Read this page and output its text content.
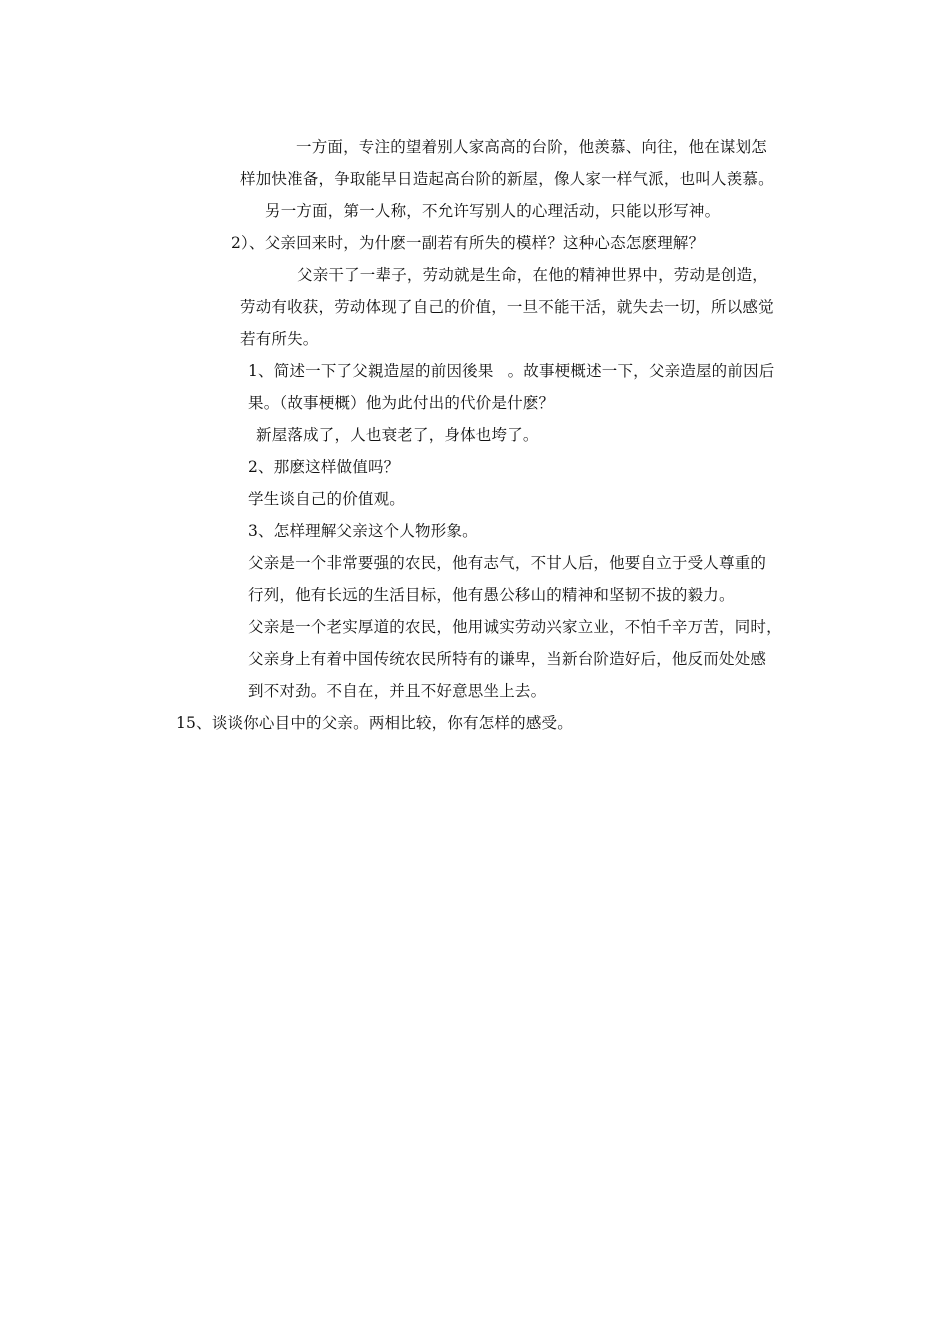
一方面，专注的望着别人家高高的台阶，他羡慕、向往，他在谋划怎
样加快准备，争取能早日造起高台阶的新屋，像人家一样气派，也叫人羡慕。
另一方面，第一人称，不允许写别人的心理活动，只能以形写神。
2）、父亲回来时，为什麽一副若有所失的模样？这种心态怎麽理解？
父亲干了一辈子，劳动就是生命，在他的精神世界中，劳动是创造，
劳动有收获，劳动体现了自己的价值，一旦不能干活，就失去一切，所以感觉
若有所失。
1、简述一下了父親造屋的前因後果 。故事梗概述一下，父亲造屋的前因后
果。（故事梗概）他为此付出的代价是什麽？
新屋落成了，人也衰老了，身体也垮了。
2、那麽这样做值吗？
学生谈自己的价值观。
3、怎样理解父亲这个人物形象。
父亲是一个非常要强的农民，他有志气，不甘人后，他要自立于受人尊重的
行列，他有长远的生活目标，他有愚公移山的精神和坚韧不拔的毅力。
父亲是一个老实厚道的农民，他用诚实劳动兴家立业，不怕千辛万苦，同时，
父亲身上有着中国传统农民所特有的谦卑，当新台阶造好后，他反而处处感
到不对劲。不自在，并且不好意思坐上去。
15、谈谈你心目中的父亲。两相比较，你有怎样的感受。
